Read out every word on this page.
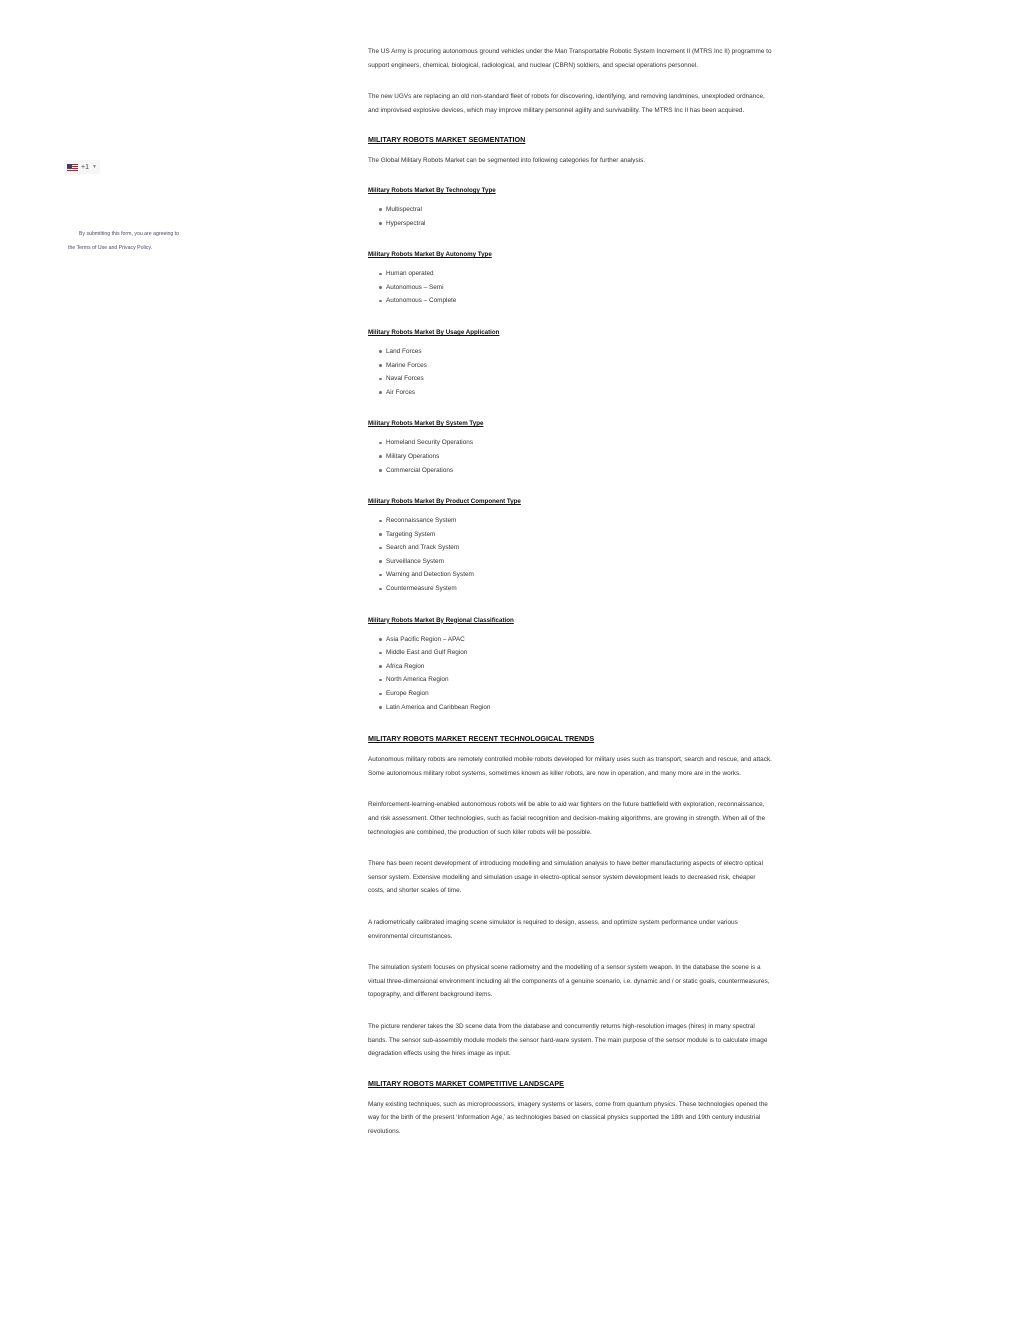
+1 ▼
By submitting this form, you are agreeing to
the Terms of Use and Privacy Policy.

The US Army is procuring autonomous ground vehicles under the Man Transportable Robotic System Increment II (MTRS Inc II) programme to support engineers, chemical, biological, radiological, and nuclear (CBRN) soldiers, and special operations personnel.

The new UGVs are replacing an old non-standard fleet of robots for discovering, identifying, and removing landmines, unexploded ordnance, and improvised explosive devices, which may improve military personnel agility and survivability. The MTRS Inc II has been acquired.

MILITARY ROBOTS MARKET SEGMENTATION

The Global Military Robots Market can be segmented into following categories for further analysis.

Military Robots Market By Technology Type
Multispectral
Hyperspectral
Military Robots Market By Autonomy Type
Human operated
Autonomous – Semi
Autonomous – Complete
Military Robots Market By Usage Application
Land Forces
Marine Forces
Naval Forces
Air Forces
Military Robots Market By System Type
Homeland Security Operations
Military Operations
Commercial Operations
Military Robots Market By Product Component Type
Reconnaissance System
Targeting System
Search and Track System
Surveillance System
Warning and Detection System
Countermeasure System
Military Robots Market By Regional Classification
Asia Pacific Region – APAC
Middle East and Gulf Region
Africa Region
North America Region
Europe Region
Latin America and Caribbean Region
MILITARY ROBOTS MARKET RECENT TECHNOLOGICAL TRENDS

Autonomous military robots are remotely controlled mobile robots developed for military uses such as transport, search and rescue, and attack. Some autonomous military robot systems, sometimes known as killer robots, are now in operation, and many more are in the works.

Reinforcement-learning-enabled autonomous robots will be able to aid war fighters on the future battlefield with exploration, reconnaissance, and risk assessment. Other technologies, such as facial recognition and decision-making algorithms, are growing in strength. When all of the technologies are combined, the production of such killer robots will be possible.

There has been recent development of introducing modelling and simulation analysis to have better manufacturing aspects of electro optical sensor system. Extensive modelling and simulation usage in electro-optical sensor system development leads to decreased risk, cheaper costs, and shorter scales of time.

A radiometrically calibrated imaging scene simulator is required to design, assess, and optimize system performance under various environmental circumstances.

The simulation system focuses on physical scene radiometry and the modelling of a sensor system weapon. In the database the scene is a virtual three-dimensional environment including all the components of a genuine scenario, i.e. dynamic and / or static goals, countermeasures, topography, and different background items.

The picture renderer takes the 3D scene data from the database and concurrently returns high-resolution images (hires) in many spectral bands. The sensor sub-assembly module models the sensor hard-ware system. The main purpose of the sensor module is to calculate image degradation effects using the hires image as input.

MILITARY ROBOTS MARKET COMPETITIVE LANDSCAPE

Many existing techniques, such as microprocessors, imagery systems or lasers, come from quantum physics. These technologies opened the way for the birth of the present ‘Information Age,’ as technologies based on classical physics supported the 18th and 19th century industrial revolutions.
